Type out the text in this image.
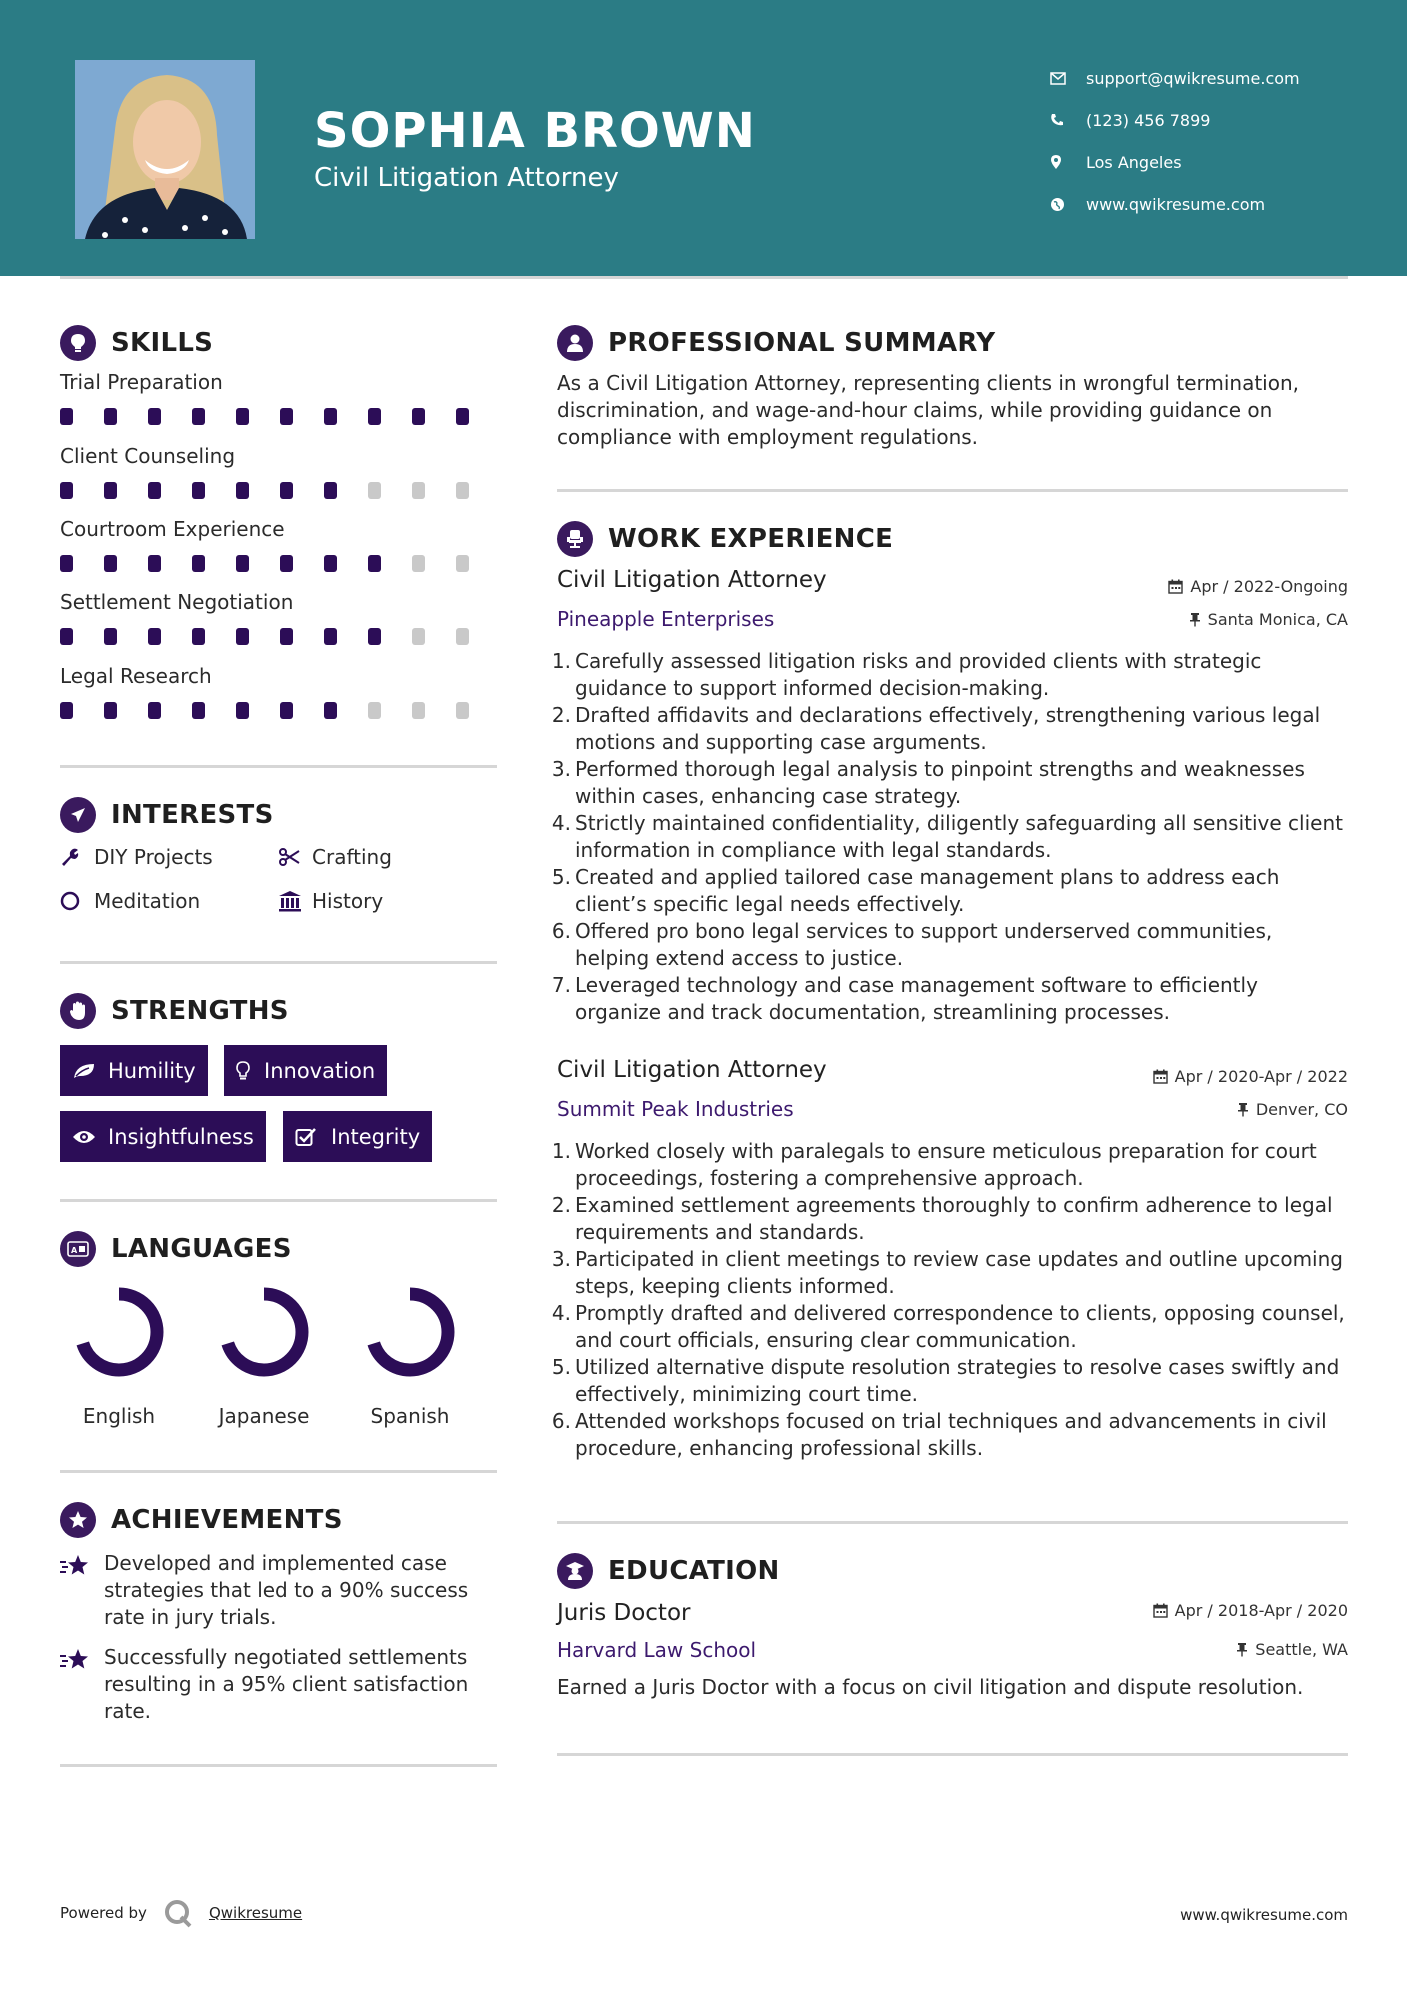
SOPHIA BROWN
Civil Litigation Attorney
support@qwikresume.com
(123) 456 7899
Los Angeles
www.qwikresume.com
SKILLS
Trial Preparation
Client Counseling
Courtroom Experience
Settlement Negotiation
Legal Research
INTERESTS
DIY Projects	Crafting
Meditation	History
STRENGTHS
Humility	Innovation
Insightfulness	Integrity
A LANGUAGES
English	Japanese	Spanish
ACHIEVEMENTS
Developed and implemented case strategies that led to a 90% success rate in jury trials.
Successfully negotiated settlements resulting in a 95% client satisfaction rate.
PROFESSIONAL SUMMARY
As a Civil Litigation Attorney, representing clients in wrongful termination, discrimination, and wage-and-hour claims, while providing guidance on compliance with employment regulations.
WORK EXPERIENCE
Civil Litigation Attorney	Apr / 2022-Ongoing
Pineapple Enterprises	Santa Monica, CA
1. Carefully assessed litigation risks and provided clients with strategic guidance to support informed decision-making.
2. Drafted affidavits and declarations effectively, strengthening various legal motions and supporting case arguments.
3. Performed thorough legal analysis to pinpoint strengths and weaknesses within cases, enhancing case strategy.
4. Strictly maintained confidentiality, diligently safeguarding all sensitive client information in compliance with legal standards.
5. Created and applied tailored case management plans to address each client’s specific legal needs effectively.
6. Offered pro bono legal services to support underserved communities, helping extend access to justice.
7. Leveraged technology and case management software to efficiently organize and track documentation, streamlining processes.
Civil Litigation Attorney	Apr / 2020-Apr / 2022
Summit Peak Industries	Denver, CO
1. Worked closely with paralegals to ensure meticulous preparation for court proceedings, fostering a comprehensive approach.
2. Examined settlement agreements thoroughly to confirm adherence to legal requirements and standards.
3. Participated in client meetings to review case updates and outline upcoming steps, keeping clients informed.
4. Promptly drafted and delivered correspondence to clients, opposing counsel, and court officials, ensuring clear communication.
5. Utilized alternative dispute resolution strategies to resolve cases swiftly and effectively, minimizing court time.
6. Attended workshops focused on trial techniques and advancements in civil procedure, enhancing professional skills.
EDUCATION
Juris Doctor	Apr / 2018-Apr / 2020
Harvard Law School	Seattle, WA
Earned a Juris Doctor with a focus on civil litigation and dispute resolution.
Powered by	Qwikresume	www.qwikresume.com
